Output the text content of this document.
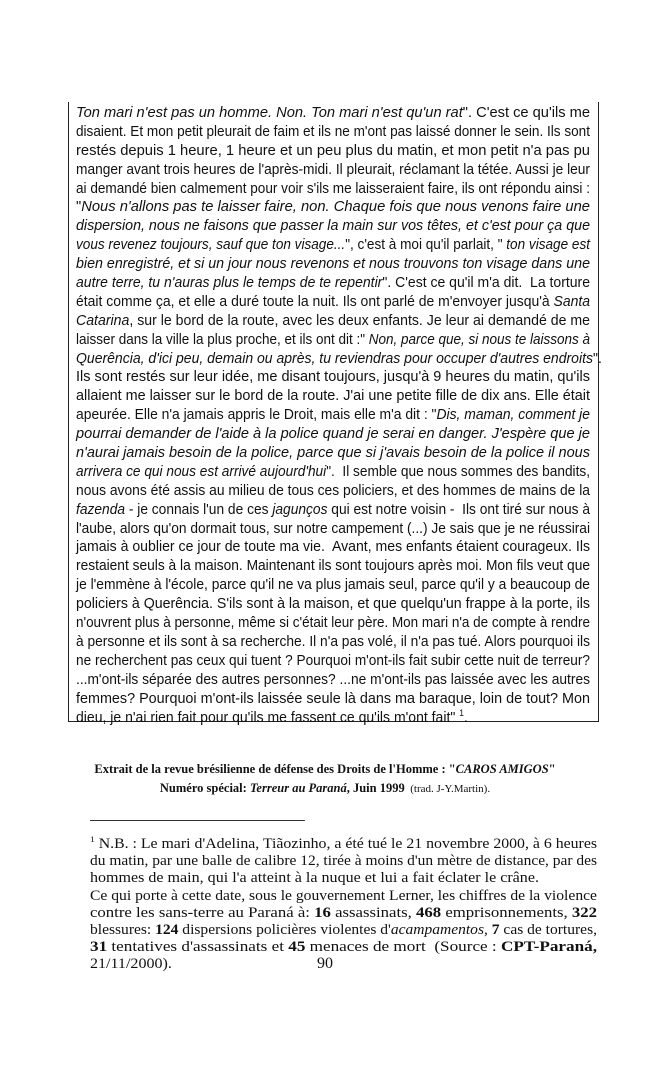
Ton mari n'est pas un homme. Non. Ton mari n'est qu'un rat". C'est ce qu'ils me
disaient. Et mon petit pleurait de faim et ils ne m'ont pas laissé donner le sein. Ils sont
restés depuis 1 heure, 1 heure et un peu plus du matin, et mon petit n'a pas pu
manger avant trois heures de l'après-midi. Il pleurait, réclamant la tétée. Aussi je leur
ai demandé bien calmement pour voir s'ils me laisseraient faire, ils ont répondu ainsi :
"Nous n'allons pas te laisser faire, non. Chaque fois que nous venons faire une
dispersion, nous ne faisons que passer la main sur vos têtes, et c'est pour ça que
vous revenez toujours, sauf que ton visage...", c'est à moi qu'il parlait, " ton visage est
bien enregistré, et si un jour nous revenons et nous trouvons ton visage dans une
autre terre, tu n'auras plus le temps de te repentir". C'est ce qu'il m'a dit.  La torture
était comme ça, et elle a duré toute la nuit. Ils ont parlé de m'envoyer jusqu'à Santa
Catarina, sur le bord de la route, avec les deux enfants. Je leur ai demandé de me
laisser dans la ville la plus proche, et ils ont dit :" Non, parce que, si nous te laissons à
Querência, d'ici peu, demain ou après, tu reviendras pour occuper d'autres endroits".
Ils sont restés sur leur idée, me disant toujours, jusqu'à 9 heures du matin, qu'ils
allaient me laisser sur le bord de la route. J'ai une petite fille de dix ans. Elle était
apeurée. Elle n'a jamais appris le Droit, mais elle m'a dit : "Dis, maman, comment je
pourrai demander de l'aide à la police quand je serai en danger. J'espère que je
n'aurai jamais besoin de la police, parce que si j'avais besoin de la police il nous
arrivera ce qui nous est arrivé aujourd'hui".  Il semble que nous sommes des bandits,
nous avons été assis au milieu de tous ces policiers, et des hommes de mains de la
fazenda - je connais l'un de ces jagunços qui est notre voisin -  Ils ont tiré sur nous à
l'aube, alors qu'on dormait tous, sur notre campement (...) Je sais que je ne réussirai
jamais à oublier ce jour de toute ma vie.  Avant, mes enfants étaient courageux. Ils
restaient seuls à la maison. Maintenant ils sont toujours après moi. Mon fils veut que
je l'emmène à l'école, parce qu'il ne va plus jamais seul, parce qu'il y a beaucoup de
policiers à Querência. S'ils sont à la maison, et que quelqu'un frappe à la porte, ils
n'ouvrent plus à personne, même si c'était leur père. Mon mari n'a de compte à rendre
à personne et ils sont à sa recherche. Il n'a pas volé, il n'a pas tué. Alors pourquoi ils
ne recherchent pas ceux qui tuent ? Pourquoi m'ont-ils fait subir cette nuit de terreur?
...m'ont-ils séparée des autres personnes? ...ne m'ont-ils pas laissée avec les autres
femmes? Pourquoi m'ont-ils laissée seule là dans ma baraque, loin de tout? Mon
dieu, je n'ai rien fait pour qu'ils me fassent ce qu'ils m'ont fait" $^1$.
Extrait de la revue brésilienne de défense des Droits de l'Homme : "CAROS AMIGOS"
Numéro spécial: Terreur au Paraná, Juin 1999  (trad. J-Y.Martin).
$^1$ N.B. : Le mari d'Adelina, Tiãozinho, a été tué le 21 novembre 2000, à 6 heures
du matin, par une balle de calibre 12, tirée à moins d'un mètre de distance, par des
hommes de main, qui l'a atteint à la nuque et lui a fait éclater le crâne.
Ce qui porte à cette date, sous le gouvernement Lerner, les chiffres de la violence
contre les sans-terre au Paraná à: 16 assassinats, 468 emprisonnements, 322
blessures: 124 dispersions policières violentes d'acampamentos, 7 cas de tortures,
31 tentatives d'assassinats et 45 menaces de mort  (Source : CPT-Paraná,
21/11/2000).	90
